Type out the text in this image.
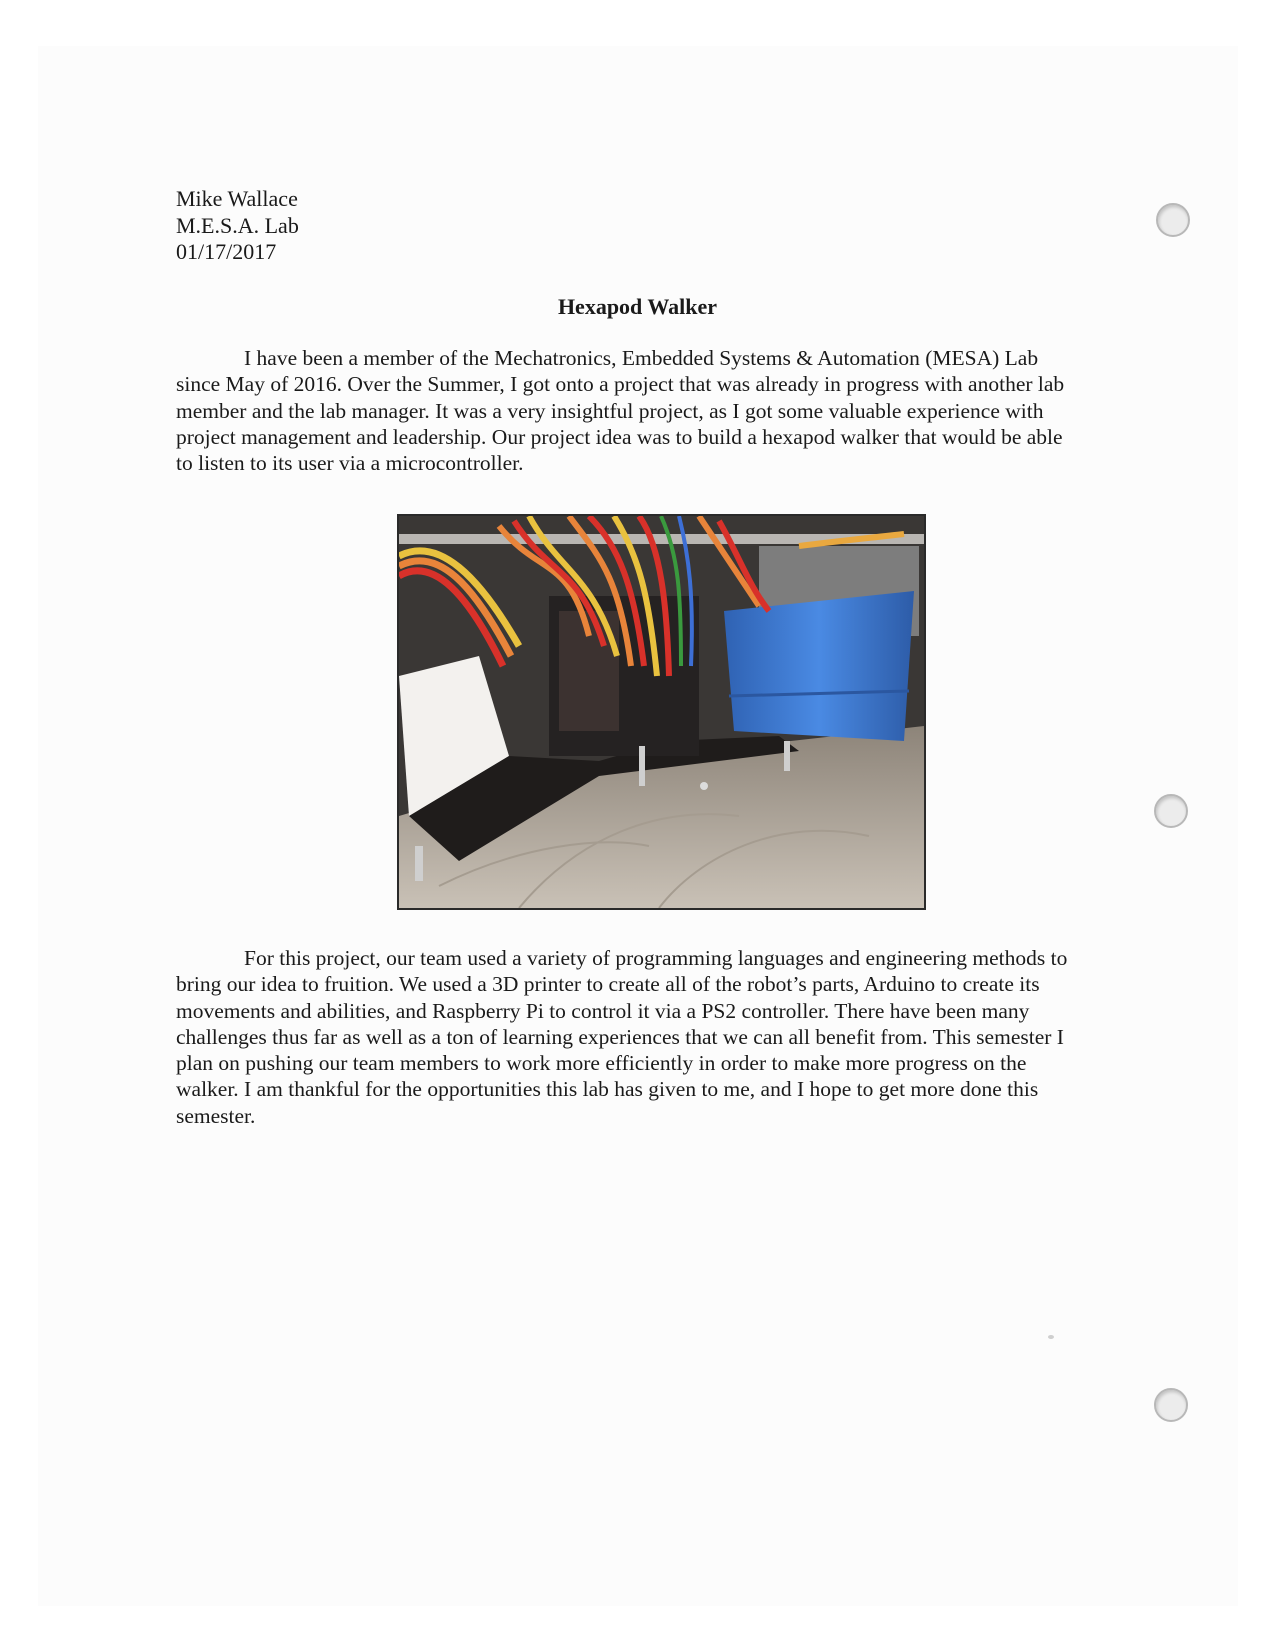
Mike Wallace
M.E.S.A. Lab
01/17/2017
Hexapod Walker

I have been a member of the Mechatronics, Embedded Systems & Automation (MESA) Lab since May of 2016. Over the Summer, I got onto a project that was already in progress with another lab member and the lab manager. It was a very insightful project, as I got some valuable experience with project management and leadership. Our project idea was to build a hexapod walker that would be able to listen to its user via a microcontroller.

For this project, our team used a variety of programming languages and engineering methods to bring our idea to fruition. We used a 3D printer to create all of the robot’s parts, Arduino to create its movements and abilities, and Raspberry Pi to control it via a PS2 controller. There have been many challenges thus far as well as a ton of learning experiences that we can all benefit from. This semester I plan on pushing our team members to work more efficiently in order to make more progress on the walker. I am thankful for the opportunities this lab has given to me, and I hope to get more done this semester.
